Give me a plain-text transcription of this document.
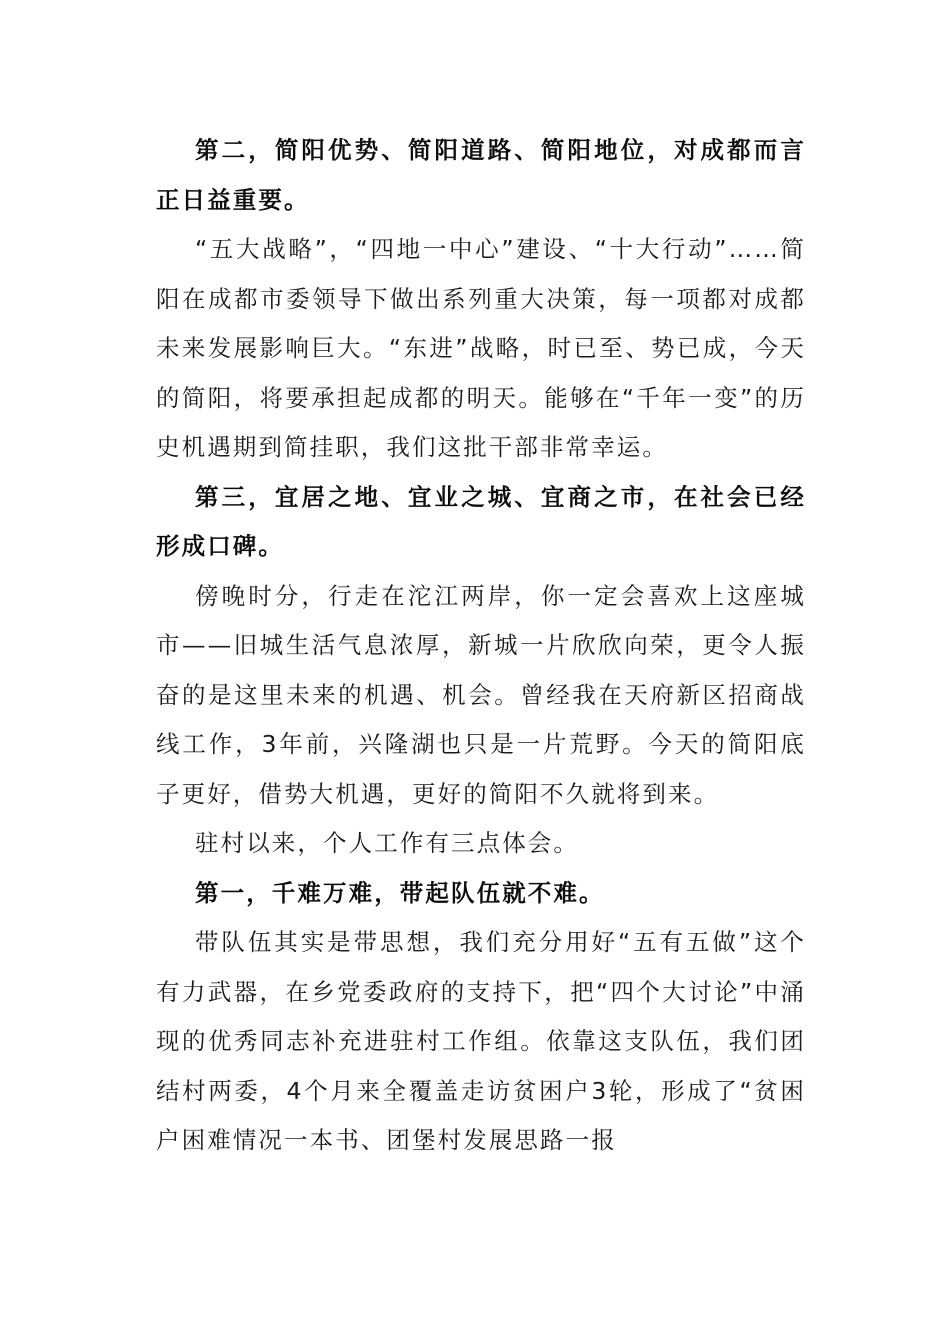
第二，简阳优势、简阳道路、简阳地位，对成都而言正日益重要。

“五大战略”，“四地一中心”建设、“十大行动”……简阳在成都市委领导下做出系列重大决策，每一项都对成都未来发展影响巨大。“东进”战略，时已至、势已成，今天的简阳，将要承担起成都的明天。能够在“千年一变”的历史机遇期到简挂职，我们这批干部非常幸运。

第三，宜居之地、宜业之城、宜商之市，在社会已经形成口碑。

傍晚时分，行走在沱江两岸，你一定会喜欢上这座城市——旧城生活气息浓厚，新城一片欣欣向荣，更令人振奋的是这里未来的机遇、机会。曾经我在天府新区招商战线工作，3年前，兴隆湖也只是一片荒野。今天的简阳底子更好，借势大机遇，更好的简阳不久就将到来。

驻村以来，个人工作有三点体会。

第一，千难万难，带起队伍就不难。

带队伍其实是带思想，我们充分用好“五有五做”这个有力武器，在乡党委政府的支持下，把“四个大讨论”中涌现的优秀同志补充进驻村工作组。依靠这支队伍，我们团结村两委，4个月来全覆盖走访贫困户3轮，形成了“贫困户困难情况一本书、团堡村发展思路一报
